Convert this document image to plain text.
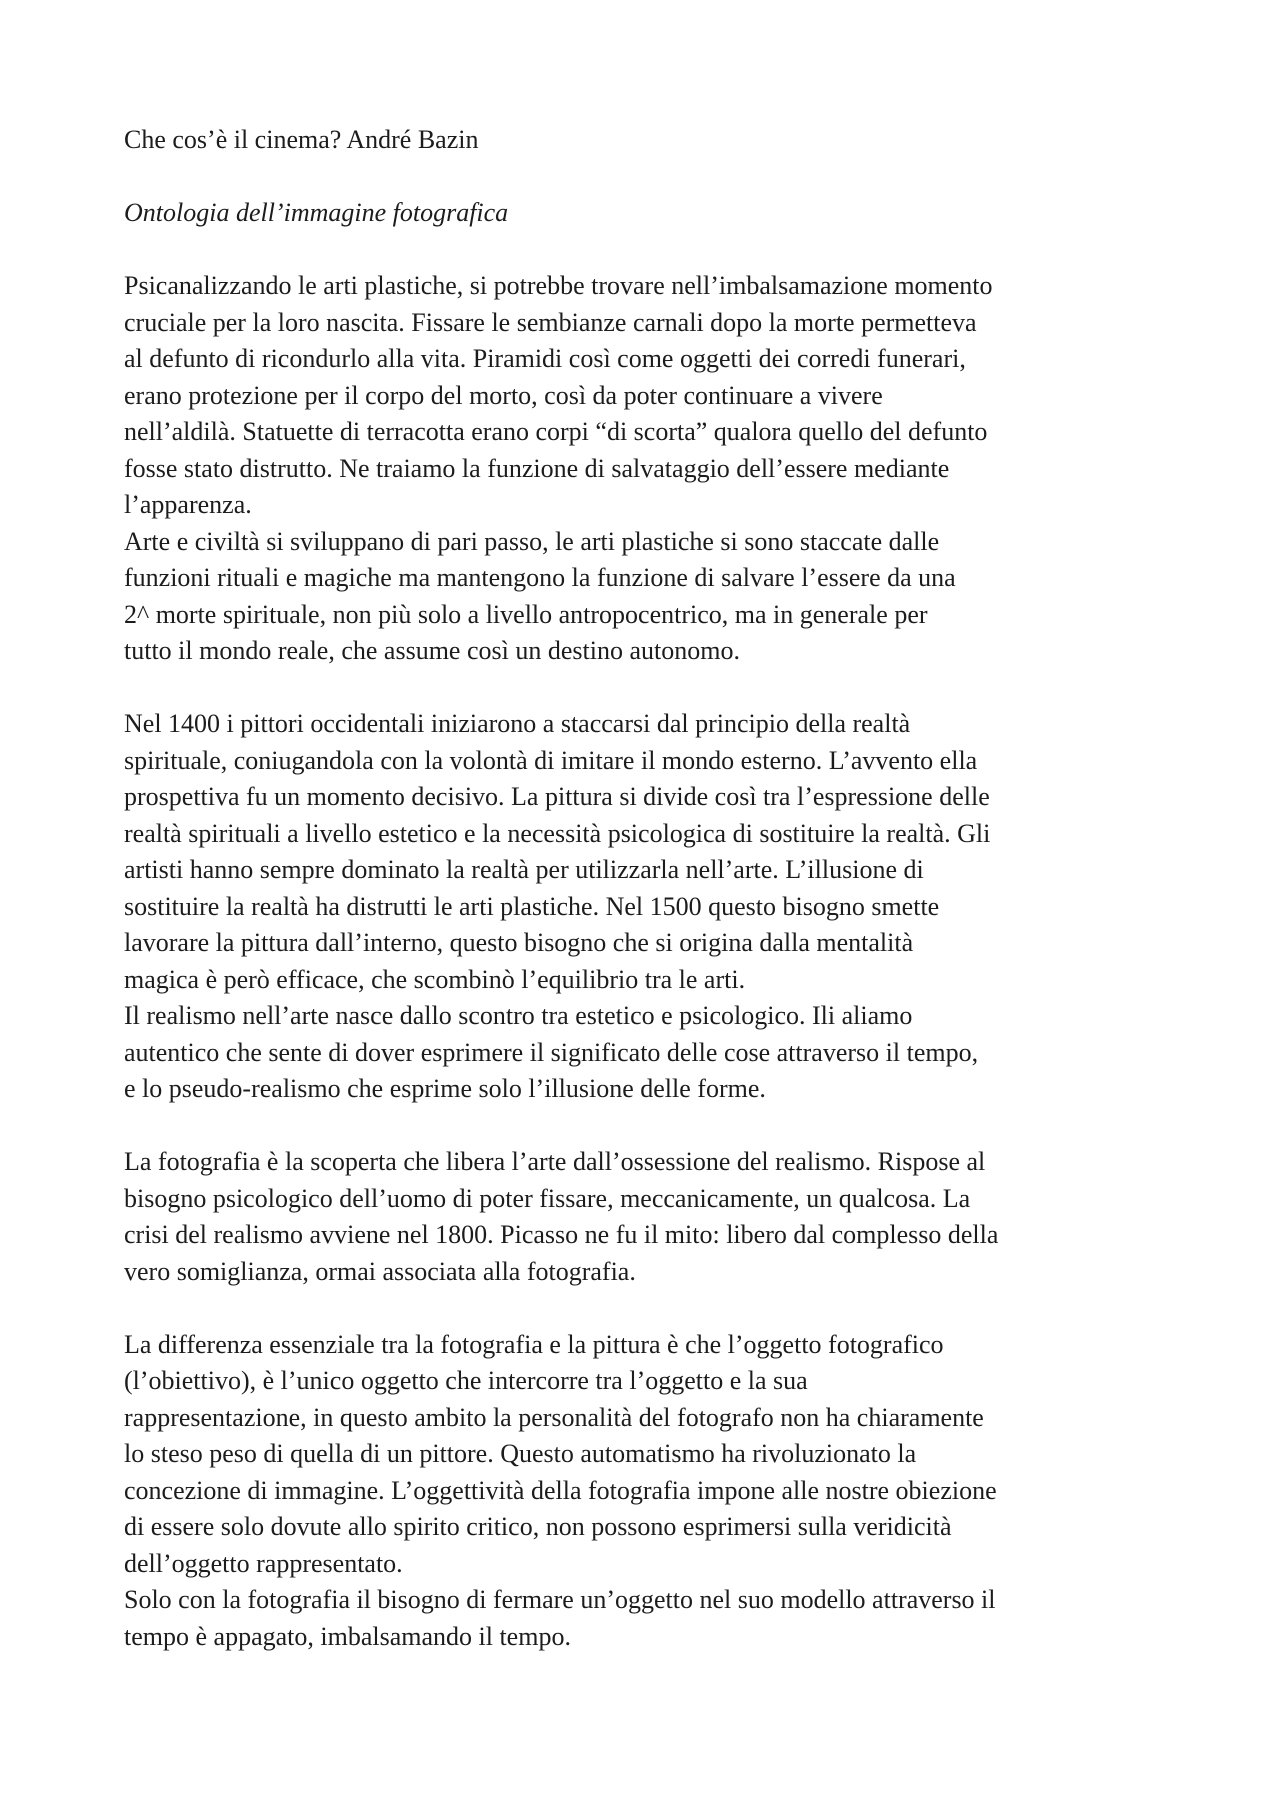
Che cos’è il cinema? André Bazin

Ontologia dell’immagine fotografica

Psicanalizzando le arti plastiche, si potrebbe trovare nell’imbalsamazione momento
cruciale per la loro nascita. Fissare le sembianze carnali dopo la morte permetteva
al defunto di ricondurlo alla vita. Piramidi così come oggetti dei corredi funerari,
erano protezione per il corpo del morto, così da poter continuare a vivere
nell’aldilà. Statuette di terracotta erano corpi “di scorta” qualora quello del defunto
fosse stato distrutto. Ne traiamo la funzione di salvataggio dell’essere mediante
l’apparenza.

Arte e civiltà si sviluppano di pari passo, le arti plastiche si sono staccate dalle
funzioni rituali e magiche ma mantengono la funzione di salvare l’essere da una
2^ morte spirituale, non più solo a livello antropocentrico, ma in generale per
tutto il mondo reale, che assume così un destino autonomo.

Nel 1400 i pittori occidentali iniziarono a staccarsi dal principio della realtà
spirituale, coniugandola con la volontà di imitare il mondo esterno. L’avvento ella
prospettiva fu un momento decisivo. La pittura si divide così tra l’espressione delle
realtà spirituali a livello estetico e la necessità psicologica di sostituire la realtà. Gli
artisti hanno sempre dominato la realtà per utilizzarla nell’arte. L’illusione di
sostituire la realtà ha distrutti le arti plastiche. Nel 1500 questo bisogno smette
lavorare la pittura dall’interno, questo bisogno che si origina dalla mentalità
magica è però efficace, che scombinò l’equilibrio tra le arti.

Il realismo nell’arte nasce dallo scontro tra estetico e psicologico. Ili aliamo
autentico che sente di dover esprimere il significato delle cose attraverso il tempo,
e lo pseudo-realismo che esprime solo l’illusione delle forme.

La fotografia è la scoperta che libera l’arte dall’ossessione del realismo. Rispose al
bisogno psicologico dell’uomo di poter fissare, meccanicamente, un qualcosa. La
crisi del realismo avviene nel 1800. Picasso ne fu il mito: libero dal complesso della
vero somiglianza, ormai associata alla fotografia.

La differenza essenziale tra la fotografia e la pittura è che l’oggetto fotografico
(l’obiettivo), è l’unico oggetto che intercorre tra l’oggetto e la sua
rappresentazione, in questo ambito la personalità del fotografo non ha chiaramente
lo steso peso di quella di un pittore. Questo automatismo ha rivoluzionato la
concezione di immagine. L’oggettività della fotografia impone alle nostre obiezione
di essere solo dovute allo spirito critico, non possono esprimersi sulla veridicità
dell’oggetto rappresentato.

Solo con la fotografia il bisogno di fermare un’oggetto nel suo modello attraverso il
tempo è appagato, imbalsamando il tempo.
